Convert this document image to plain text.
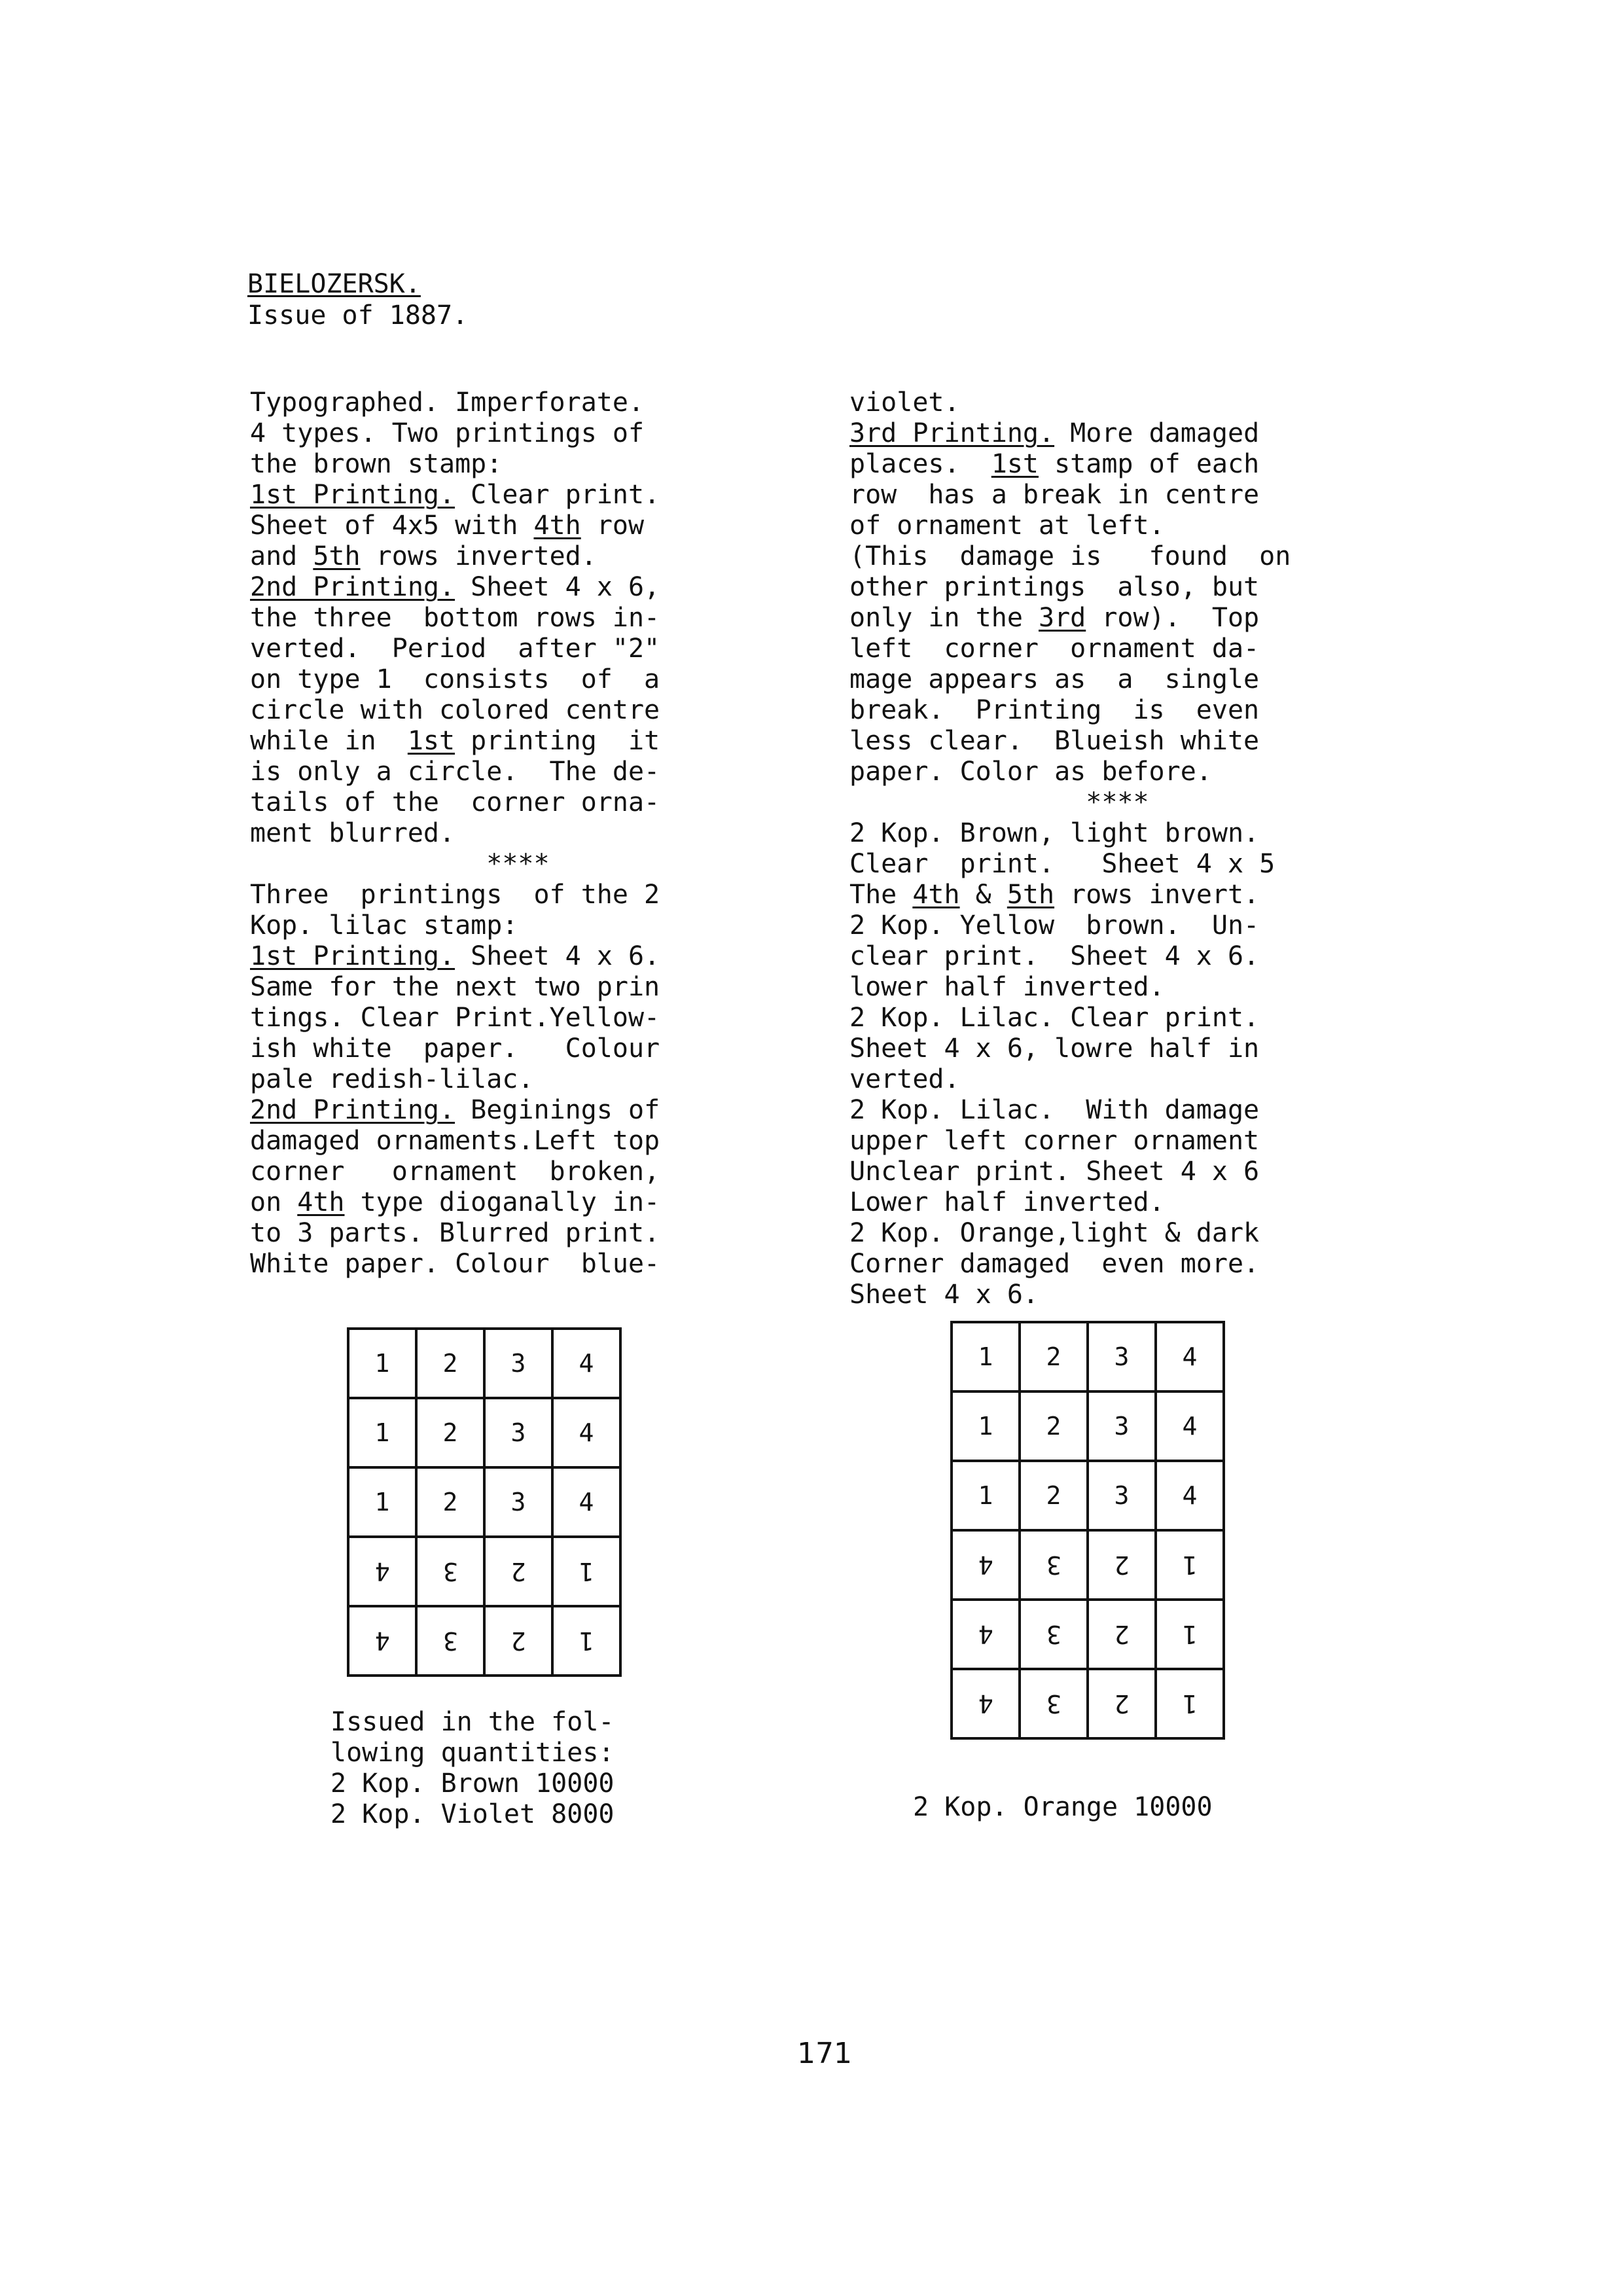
BIELOZERSK.
Issue of 1887.
Typographed. Imperforate.
4 types. Two printings of
the brown stamp:
1st Printing. Clear print.
Sheet of 4x5 with 4th row
and 5th rows inverted.
2nd Printing. Sheet 4 x 6,
the three  bottom rows in-
verted.  Period  after "2"
on type 1  consists  of  a
circle with colored centre
while in  1st printing  it
is only a circle.  The de-
tails of the  corner orna-
ment blurred.
****
Three  printings  of the 2
Kop. lilac stamp:
1st Printing. Sheet 4 x 6.
Same for the next two prin
tings. Clear Print.Yellow-
ish white  paper.   Colour
pale redish-lilac.
2nd Printing. Beginings of
damaged ornaments.Left top
corner   ornament  broken,
on 4th type dioganally in-
to 3 parts. Blurred print.
White paper. Colour  blue-
violet.
3rd Printing. More damaged
places.  1st stamp of each
row  has a break in centre
of ornament at left.
(This  damage is   found  on
other printings  also, but
only in the 3rd row).  Top
left  corner  ornament da-
mage appears as  a  single
break.  Printing  is  even
less clear.  Blueish white
paper. Color as before.
****
2 Kop. Brown, light brown.
Clear  print.   Sheet 4 x 5
The 4th & 5th rows invert.
2 Kop. Yellow  brown.  Un-
clear print.  Sheet 4 x 6.
lower half inverted.
2 Kop. Lilac. Clear print.
Sheet 4 x 6, lowre half in
verted.
2 Kop. Lilac.  With damage
upper left corner ornament
Unclear print. Sheet 4 x 6
Lower half inverted.
2 Kop. Orange,light & dark
Corner damaged  even more.
Sheet 4 x 6.
1	2	3	4
1	2	3	4
1	2	3	4
4	3	2	1
4	3	2	1
1	2	3	4
1	2	3	4
1	2	3	4
4	3	2	1
4	3	2	1
4	3	2	1
Issued in the fol-
lowing quantities:
2 Kop. Brown 10000
2 Kop. Violet 8000	2 Kop. Orange 10000
171
